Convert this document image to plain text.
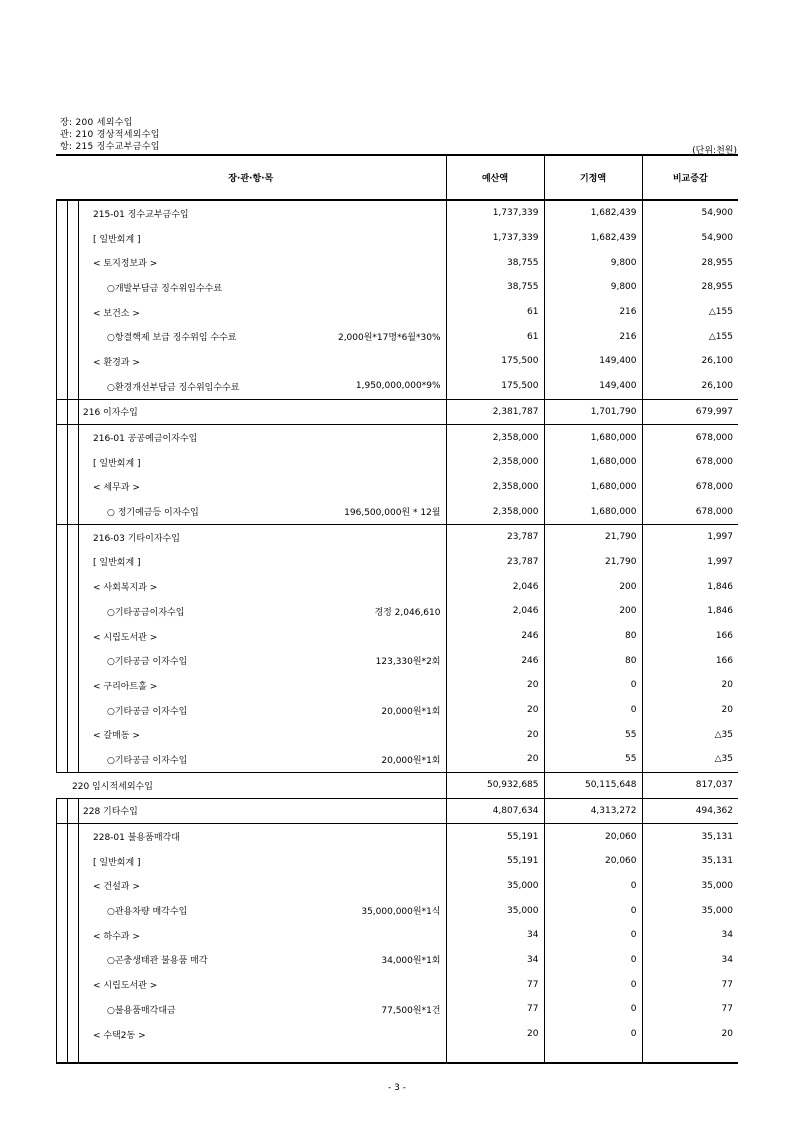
장: 200 세외수입
관: 210 경상적세외수입
항: 215 징수교부금수입	(단위:천원)
장·관·항·목	예산액	기정액	비교증감

215-01 징수교부금수입	1,737,339	1,682,439	54,900

[ 일반회계 ]	1,737,339	1,682,439	54,900

< 토지정보과 >	38,755	9,800	28,955

○개발부담금 징수위임수수료	38,755	9,800	28,955

< 보건소 >	61	216	△155

○항결핵제 보급 징수위임 수수료 2,000원*17명*6월*30%	61	216	△155

< 환경과 >	175,500	149,400	26,100

○환경개선부담금 징수위임수수료 1,950,000,000*9%	175,500	149,400	26,100

216 이자수입	2,381,787	1,701,790	679,997

216-01 공공예금이자수입	2,358,000	1,680,000	678,000

[ 일반회계 ]	2,358,000	1,680,000	678,000

< 세무과 >	2,358,000	1,680,000	678,000

○ 정기예금등 이자수입 196,500,000원 * 12월	2,358,000	1,680,000	678,000

216-03 기타이자수입	23,787	21,790	1,997

[ 일반회계 ]	23,787	21,790	1,997

< 사회복지과 >	2,046	200	1,846

○기타공금이자수입 경정 2,046,610	2,046	200	1,846

< 시립도서관 >	246	80	166

○기타공금 이자수입 123,330원*2회	246	80	166

< 구리아트홀 >	20	0	20

○기타공금 이자수입 20,000원*1회	20	0	20

< 갈매동 >	20	55	△35

○기타공금 이자수입 20,000원*1회	20	55	△35

220 임시적세외수입	50,932,685	50,115,648	817,037

228 기타수입	4,807,634	4,313,272	494,362

228-01 불용품매각대	55,191	20,060	35,131

[ 일반회계 ]	55,191	20,060	35,131

< 건설과 >	35,000	0	35,000

○관용차량 매각수입 35,000,000원*1식	35,000	0	35,000

< 하수과 >	34	0	34

○곤충생태관 불용품 매각 34,000원*1회	34	0	34

< 시립도서관 >	77	0	77

○불용품매각대금 77,500원*1건	77	0	77

< 수택2동 >	20	0	20

- 3 -
